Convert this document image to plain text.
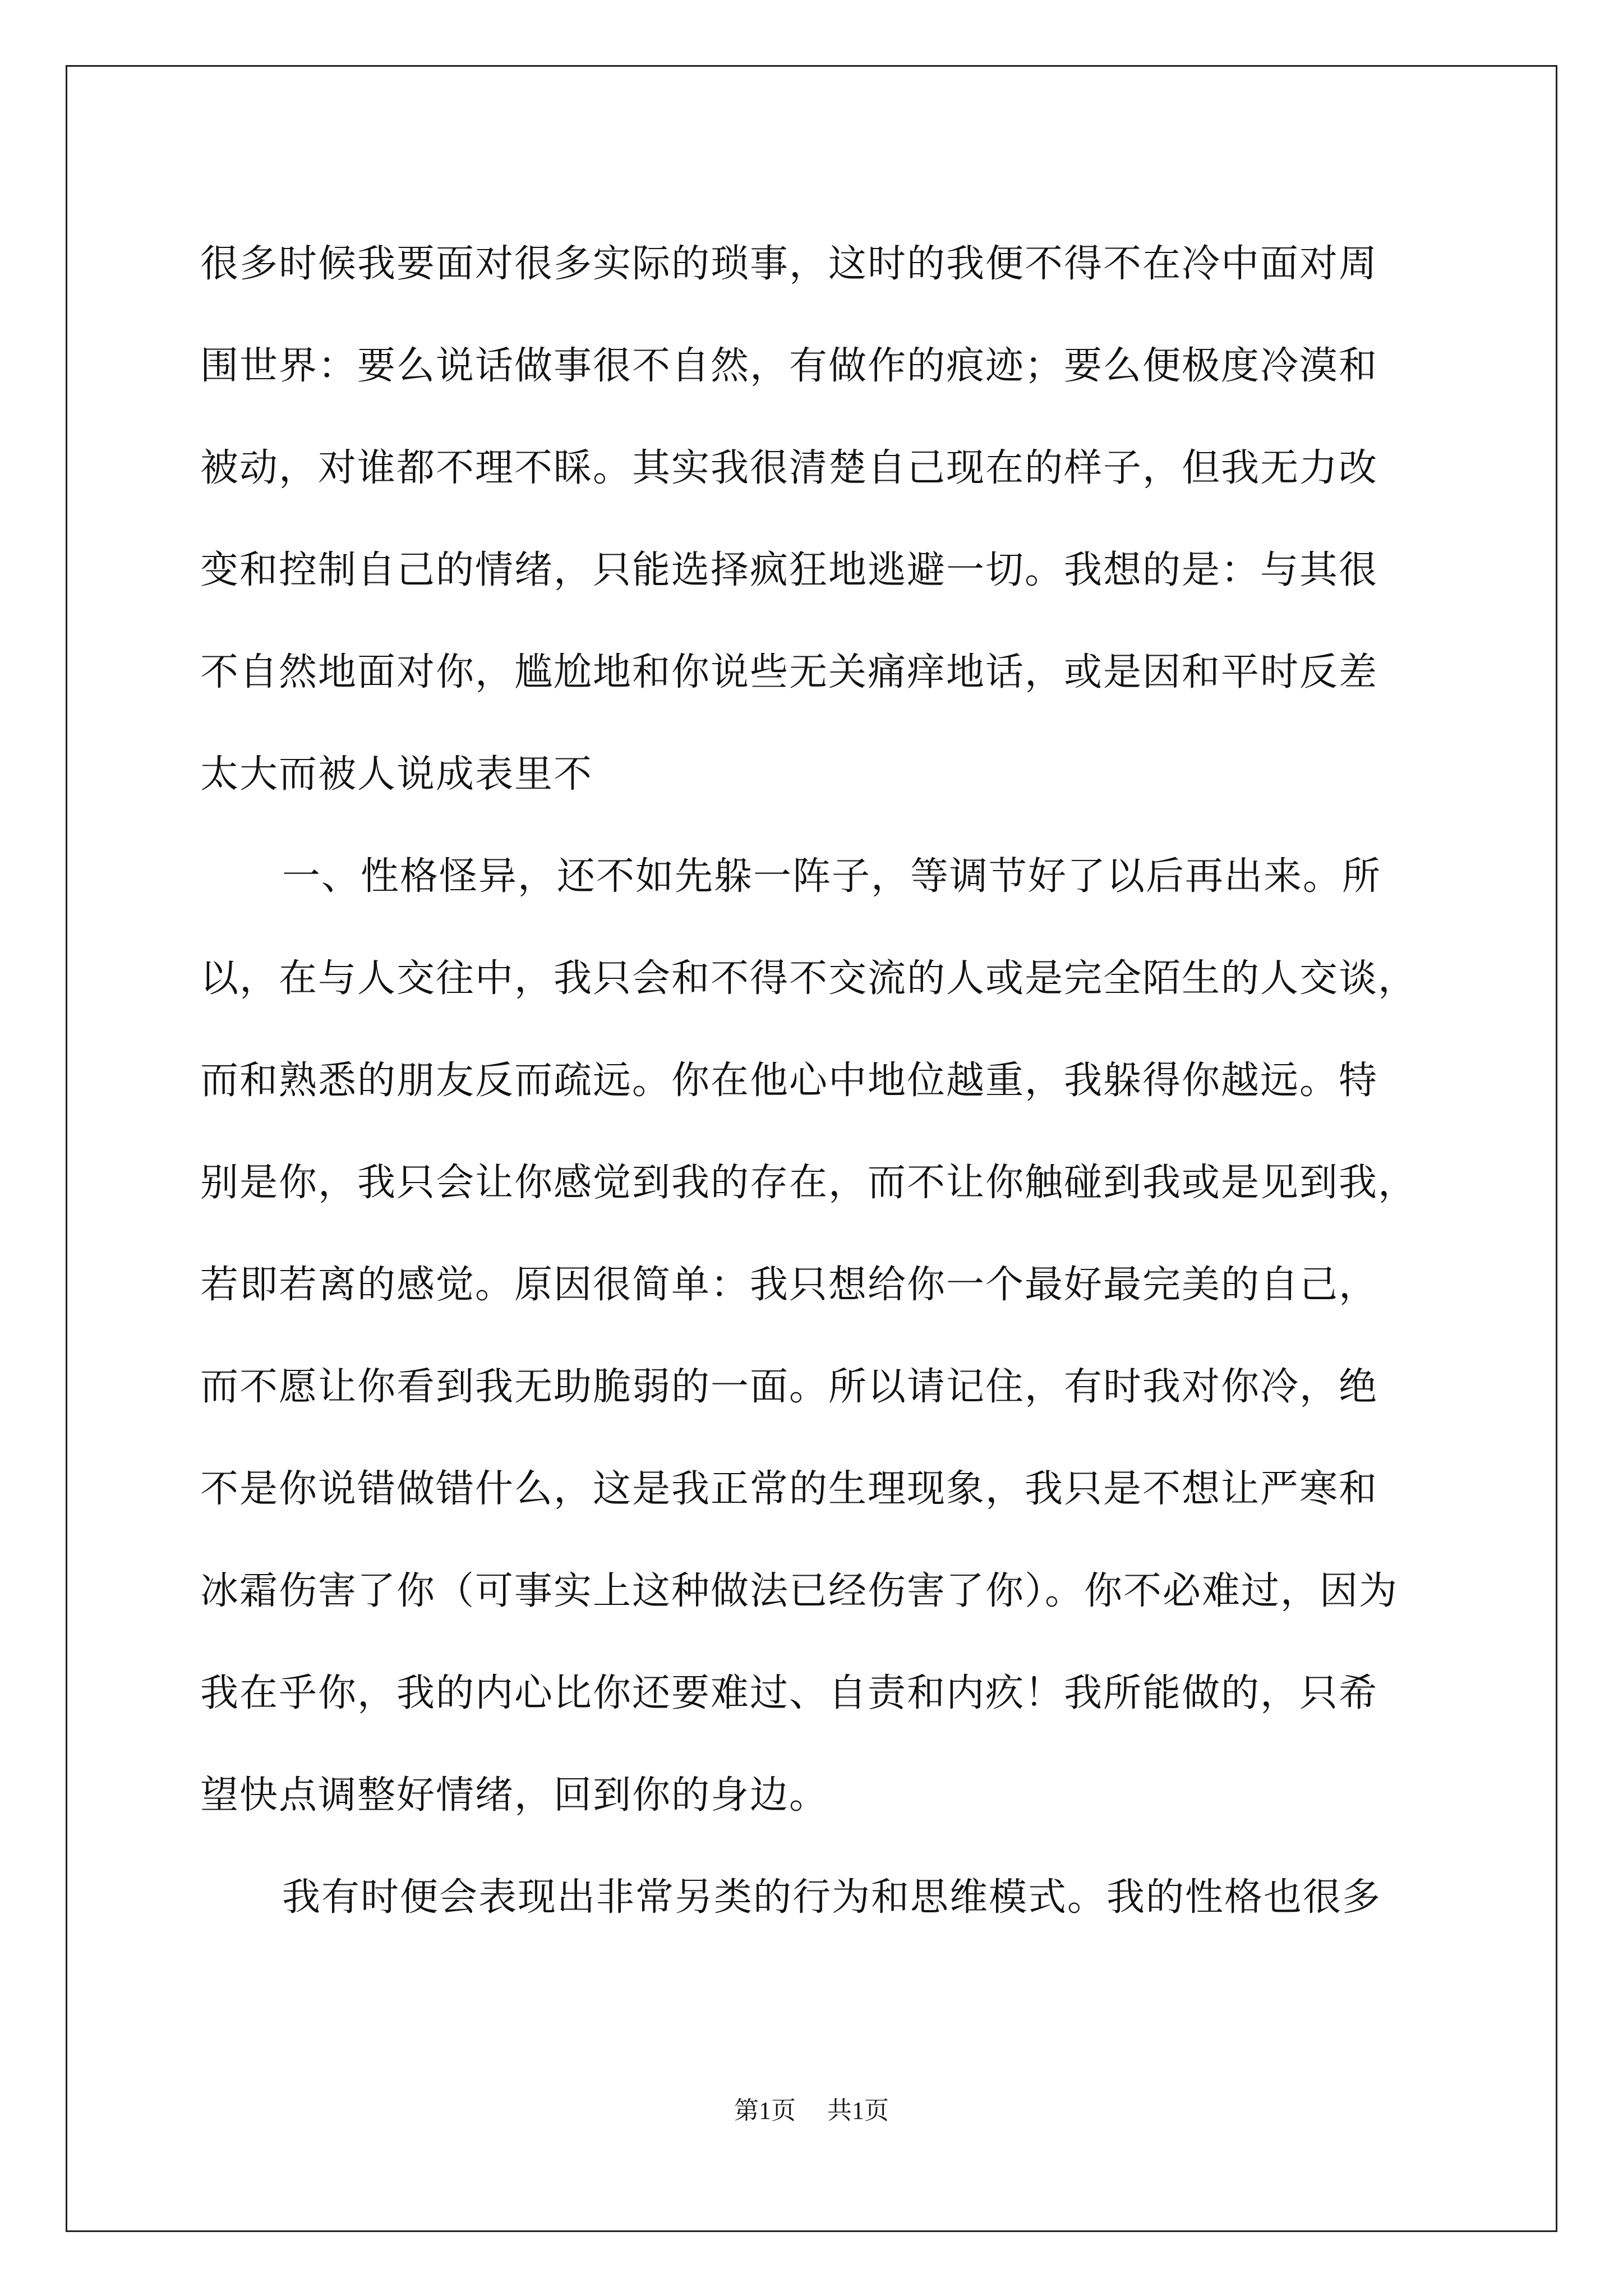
很多时候我要面对很多实际的琐事，这时的我便不得不在冷中面对周
围世界：要么说话做事很不自然，有做作的痕迹；要么便极度冷漠和
被动，对谁都不理不睬。其实我很清楚自己现在的样子，但我无力改
变和控制自己的情绪，只能选择疯狂地逃避一切。我想的是：与其很
不自然地面对你，尴尬地和你说些无关痛痒地话，或是因和平时反差
太大而被人说成表里不

一、性格怪异，还不如先躲一阵子，等调节好了以后再出来。所
以，在与人交往中，我只会和不得不交流的人或是完全陌生的人交谈，
而和熟悉的朋友反而疏远。你在他心中地位越重，我躲得你越远。特
别是你，我只会让你感觉到我的存在，而不让你触碰到我或是见到我，
若即若离的感觉。原因很简单：我只想给你一个最好最完美的自己，
而不愿让你看到我无助脆弱的一面。所以请记住，有时我对你冷，绝
不是你说错做错什么，这是我正常的生理现象，我只是不想让严寒和
冰霜伤害了你（可事实上这种做法已经伤害了你）。你不必难过，因为
我在乎你，我的内心比你还要难过、自责和内疚！我所能做的，只希
望快点调整好情绪，回到你的身边。

我有时便会表现出非常另类的行为和思维模式。我的性格也很多

第1页 共1页
